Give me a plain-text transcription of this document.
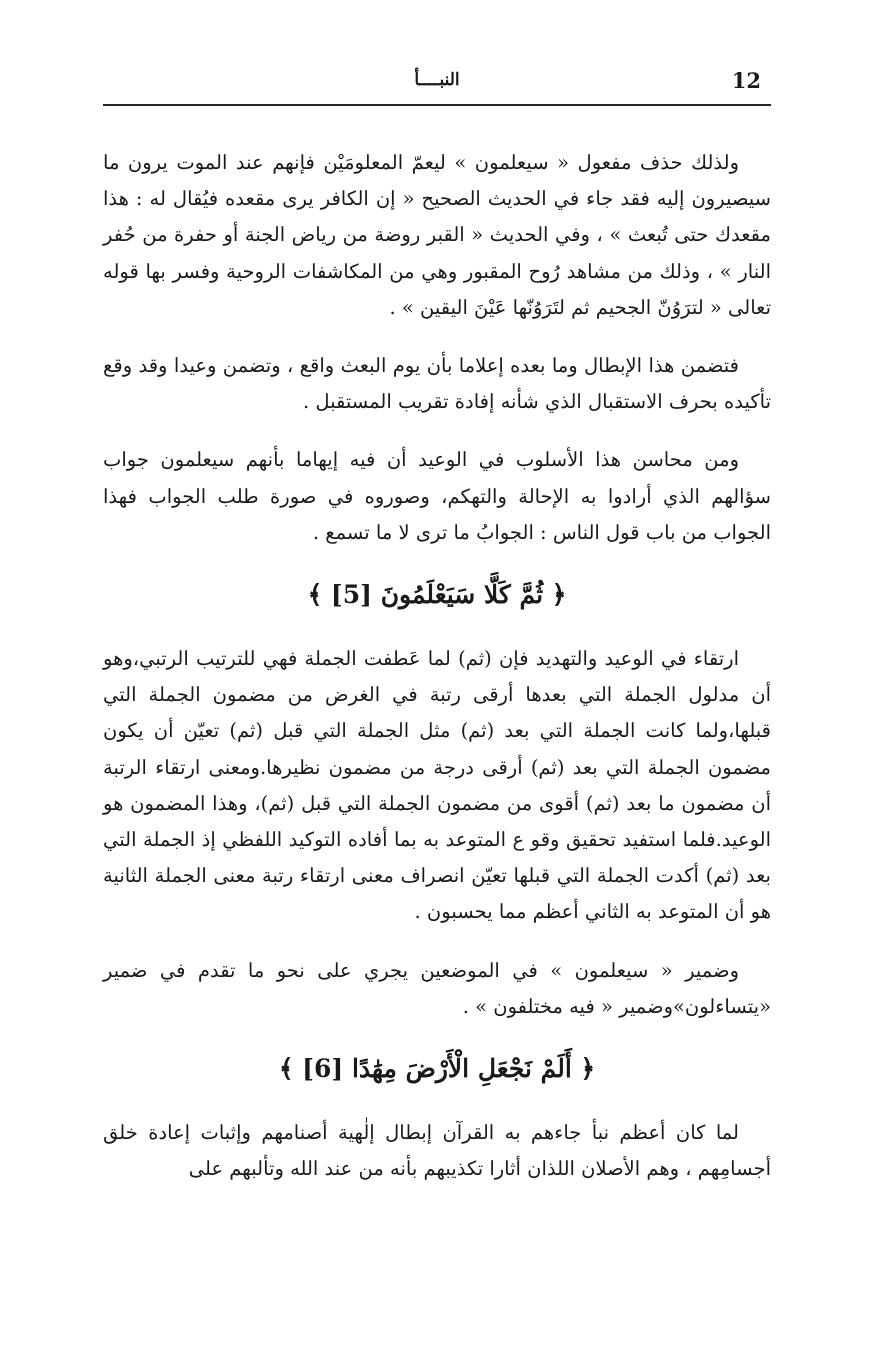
النبــــأ	12

ولذلك حذف مفعول « سيعلمون » ليعمّ المعلومَيْن فإنهم عند الموت يرون ما سيصيرون إليه فقد جاء في الحديث الصحيح « إن الكافر يرى مقعده فيُقال له : هذا مقعدك حتى تُبعث » ، وفي الحديث « القبر روضة من رياض الجنة أو حفرة من حُفر النار » ، وذلك من مشاهد رُوح المقبور وهي من المكاشفات الروحية وفسر بها قوله تعالى « لترَوُنّ الجحيم ثم لتَرَوُنّها عَيْنَ اليقين » .

فتضمن هذا الإبطال وما بعده إعلاما بأن يوم البعث واقع ، وتضمن وعيدا وقد وقع تأكيده بحرف الاستقبال الذي شأنه إفادة تقريب المستقبل .

ومن محاسن هذا الأسلوب في الوعيد أن فيه إيهاما بأنهم سيعلمون جواب سؤالهم الذي أرادوا به الإحالة والتهكم، وصوروه في صورة طلب الجواب فهذا الجواب من باب قول الناس : الجوابُ ما ترى لا ما تسمع .

﴿ ثُمَّ كَلَّا سَيَعْلَمُونَ [5] ﴾

ارتقاء في الوعيد والتهديد فإن (ثم) لما عَطفت الجملة فهي للترتيب الرتبي،وهو أن مدلول الجملة التي بعدها أرقى رتبة في الغرض من مضمون الجملة التي قبلها،ولما كانت الجملة التي بعد (ثم) مثل الجملة التي قبل (ثم) تعيّن أن يكون مضمون الجملة التي بعد (ثم) أرقى درجة من مضمون نظيرها.ومعنى ارتقاء الرتبة أن مضمون ما بعد (ثم) أقوى من مضمون الجملة التي قبل (ثم)، وهذا المضمون هو الوعيد.فلما استفيد تحقيق وقو ع المتوعد به بما أفاده التوكيد اللفظي إذ الجملة التي بعد (ثم) أكدت الجملة التي قبلها تعيّن انصراف معنى ارتقاء رتبة معنى الجملة الثانية هو أن المتوعد به الثاني أعظم مما يحسبون .

وضمير « سيعلمون » في الموضعين يجري على نحو ما تقدم في ضمير «يتساءلون»وضمير « فيه مختلفون » .

﴿ أَلَمْ نَجْعَلِ الْأَرْضَ مِهَٰدًا [6] ﴾

لما كان أعظم نبأ جاءهم به القرآن إبطال إلٰهية أصنامهم وإثبات إعادة خلق أجسامِهم ، وهم الأصلان اللذان أثارا تكذيبهم بأنه من عند الله وتألبهم على
